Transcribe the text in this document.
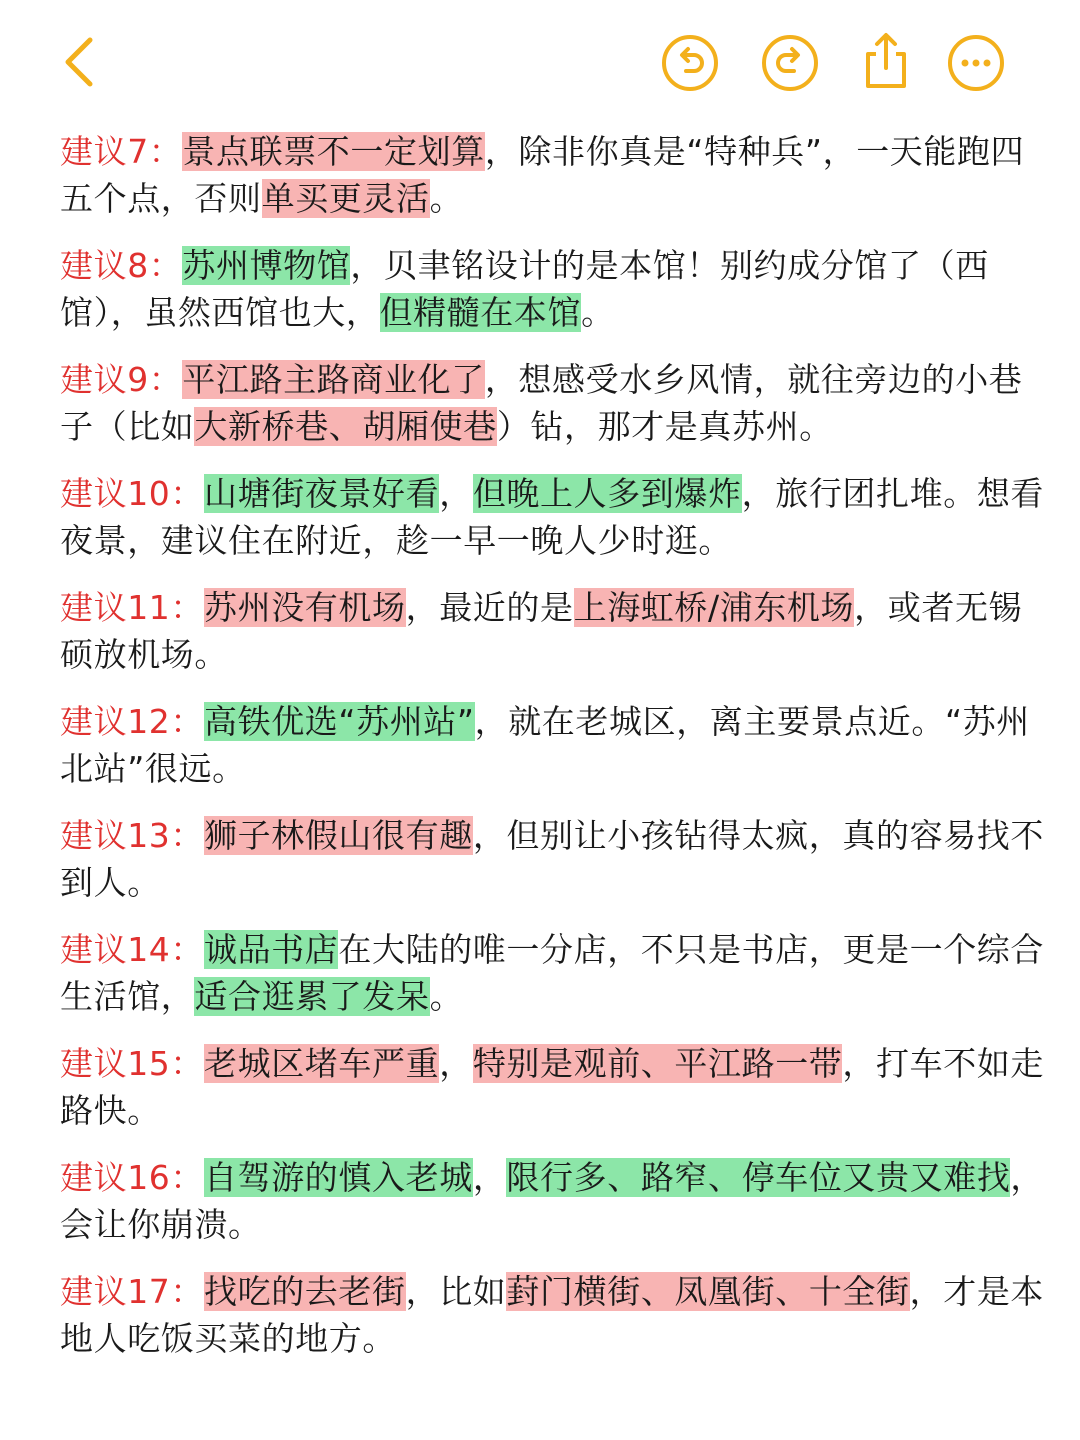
建议7：景点联票不一定划算，除非你真是“特种兵”，一天能跑四五个点，否则单买更灵活。

建议8：苏州博物馆，贝聿铭设计的是本馆！别约成分馆了（西馆），虽然西馆也大，但精髓在本馆。

建议9：平江路主路商业化了，想感受水乡风情，就往旁边的小巷子（比如大新桥巷、胡厢使巷）钻，那才是真苏州。

建议10：山塘街夜景好看，但晚上人多到爆炸，旅行团扎堆。想看夜景，建议住在附近，趁一早一晚人少时逛。

建议11：苏州没有机场，最近的是上海虹桥/浦东机场，或者无锡硕放机场。

建议12：高铁优选“苏州站”，就在老城区，离主要景点近。“苏州北站”很远。

建议13：狮子林假山很有趣，但别让小孩钻得太疯，真的容易找不到人。

建议14：诚品书店在大陆的唯一分店，不只是书店，更是一个综合生活馆，适合逛累了发呆。

建议15：老城区堵车严重，特别是观前、平江路一带，打车不如走路快。

建议16：自驾游的慎入老城，限行多、路窄、停车位又贵又难找，会让你崩溃。

建议17：找吃的去老街，比如葑门横街、凤凰街、十全街，才是本地人吃饭买菜的地方。
